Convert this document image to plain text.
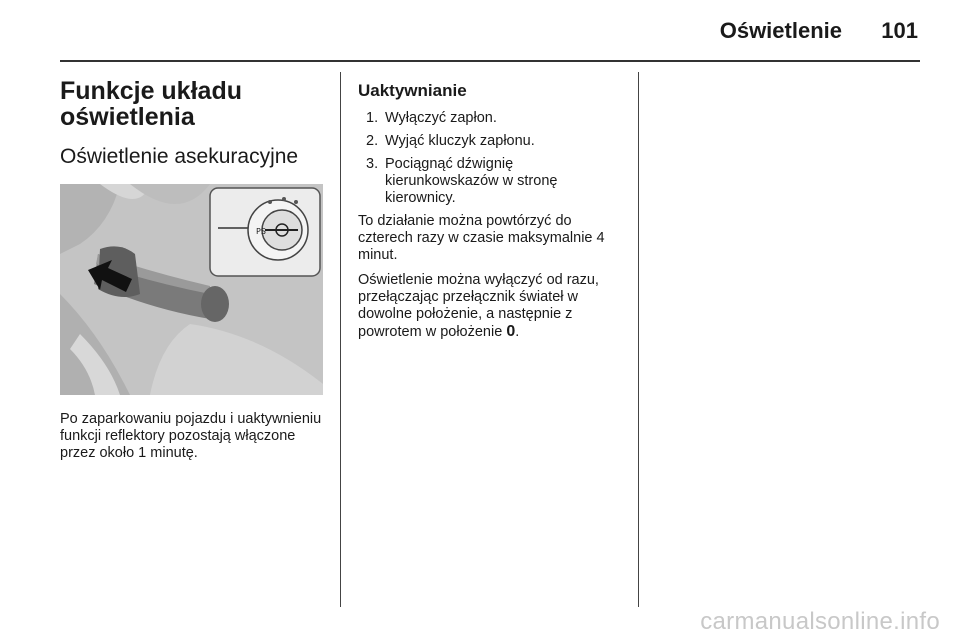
Oświetlenie 101
Funkcje układu oświetlenia
Oświetlenie asekuracyjne
PS

Po zaparkowaniu pojazdu i uaktywnieniu funkcji reflektory pozostają włączone przez około 1 minutę.

Uaktywnianie
1. Wyłączyć zapłon.
2. Wyjąć kluczyk zapłonu.
3. Pociągnąć dźwignię kierunkowskazów w stronę kierownicy.

To działanie można powtórzyć do czterech razy w czasie maksymalnie 4 minut.

Oświetlenie można wyłączyć od razu, przełączając przełącznik świateł w dowolne położenie, a następnie z powrotem w położenie 0.

carmanualsonline.info
